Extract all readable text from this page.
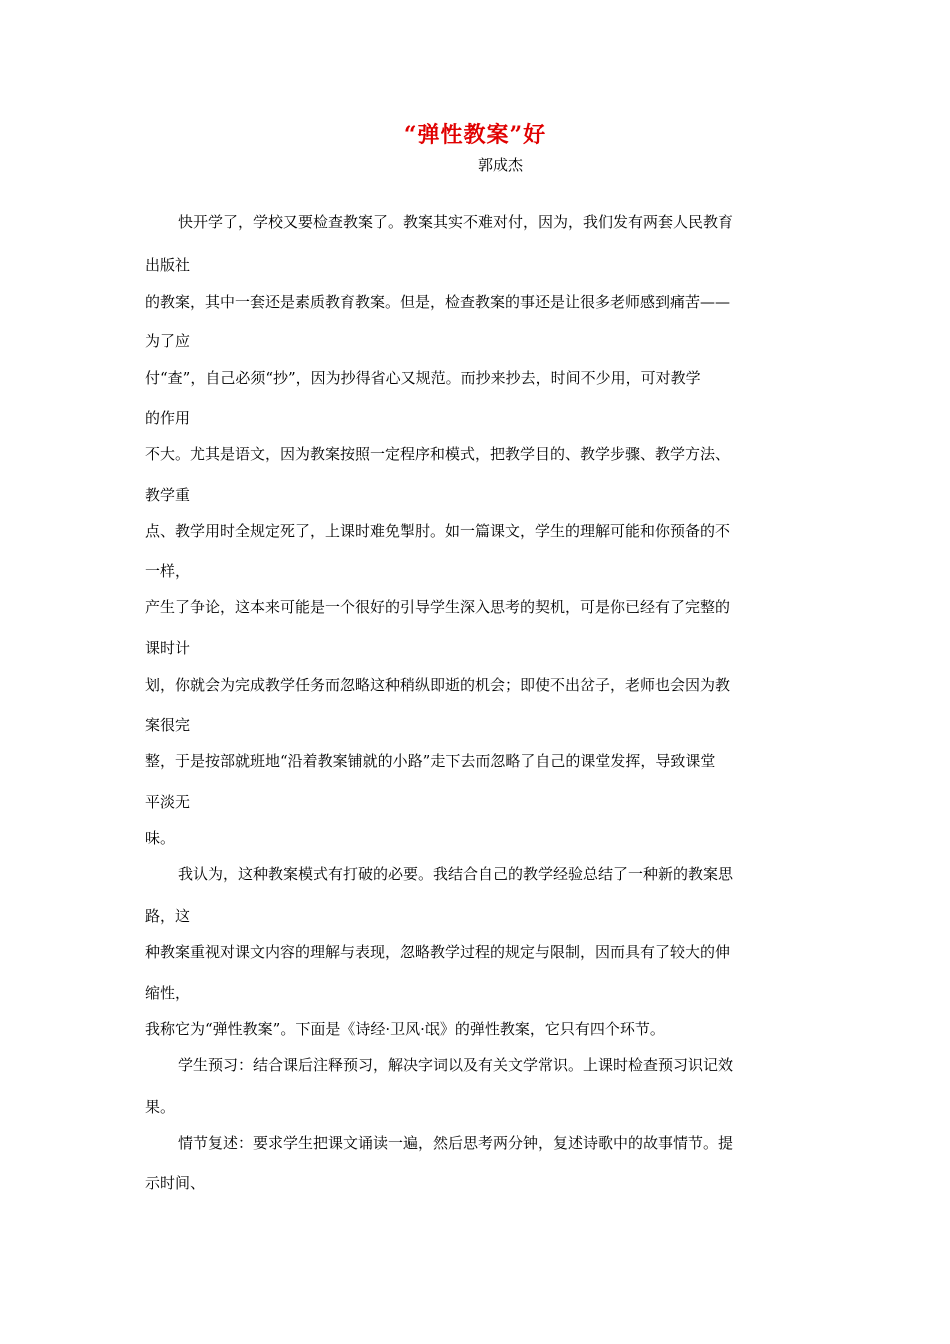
“弹性教案”好
郭成杰
快开学了，学校又要检查教案了。教案其实不难对付，因为，我们发有两套人民教育
出版社
的教案，其中一套还是素质教育教案。但是，检查教案的事还是让很多老师感到痛苦——
为了应
付“查”，自己必须“抄”，因为抄得省心又规范。而抄来抄去，时间不少用，可对教学
的作用
不大。尤其是语文，因为教案按照一定程序和模式，把教学目的、教学步骤、教学方法、
教学重
点、教学用时全规定死了，上课时难免掣肘。如一篇课文，学生的理解可能和你预备的不
一样，
产生了争论，这本来可能是一个很好的引导学生深入思考的契机，可是你已经有了完整的
课时计
划，你就会为完成教学任务而忽略这种稍纵即逝的机会；即使不出岔子，老师也会因为教
案很完
整，于是按部就班地“沿着教案铺就的小路”走下去而忽略了自己的课堂发挥，导致课堂
平淡无
味。
我认为，这种教案模式有打破的必要。我结合自己的教学经验总结了一种新的教案思
路，这
种教案重视对课文内容的理解与表现，忽略教学过程的规定与限制，因而具有了较大的伸
缩性，
我称它为“弹性教案”。下面是《诗经·卫风·氓》的弹性教案，它只有四个环节。
学生预习：结合课后注释预习，解决字词以及有关文学常识。上课时检查预习识记效
果。
情节复述：要求学生把课文诵读一遍，然后思考两分钟，复述诗歌中的故事情节。提
示时间、
